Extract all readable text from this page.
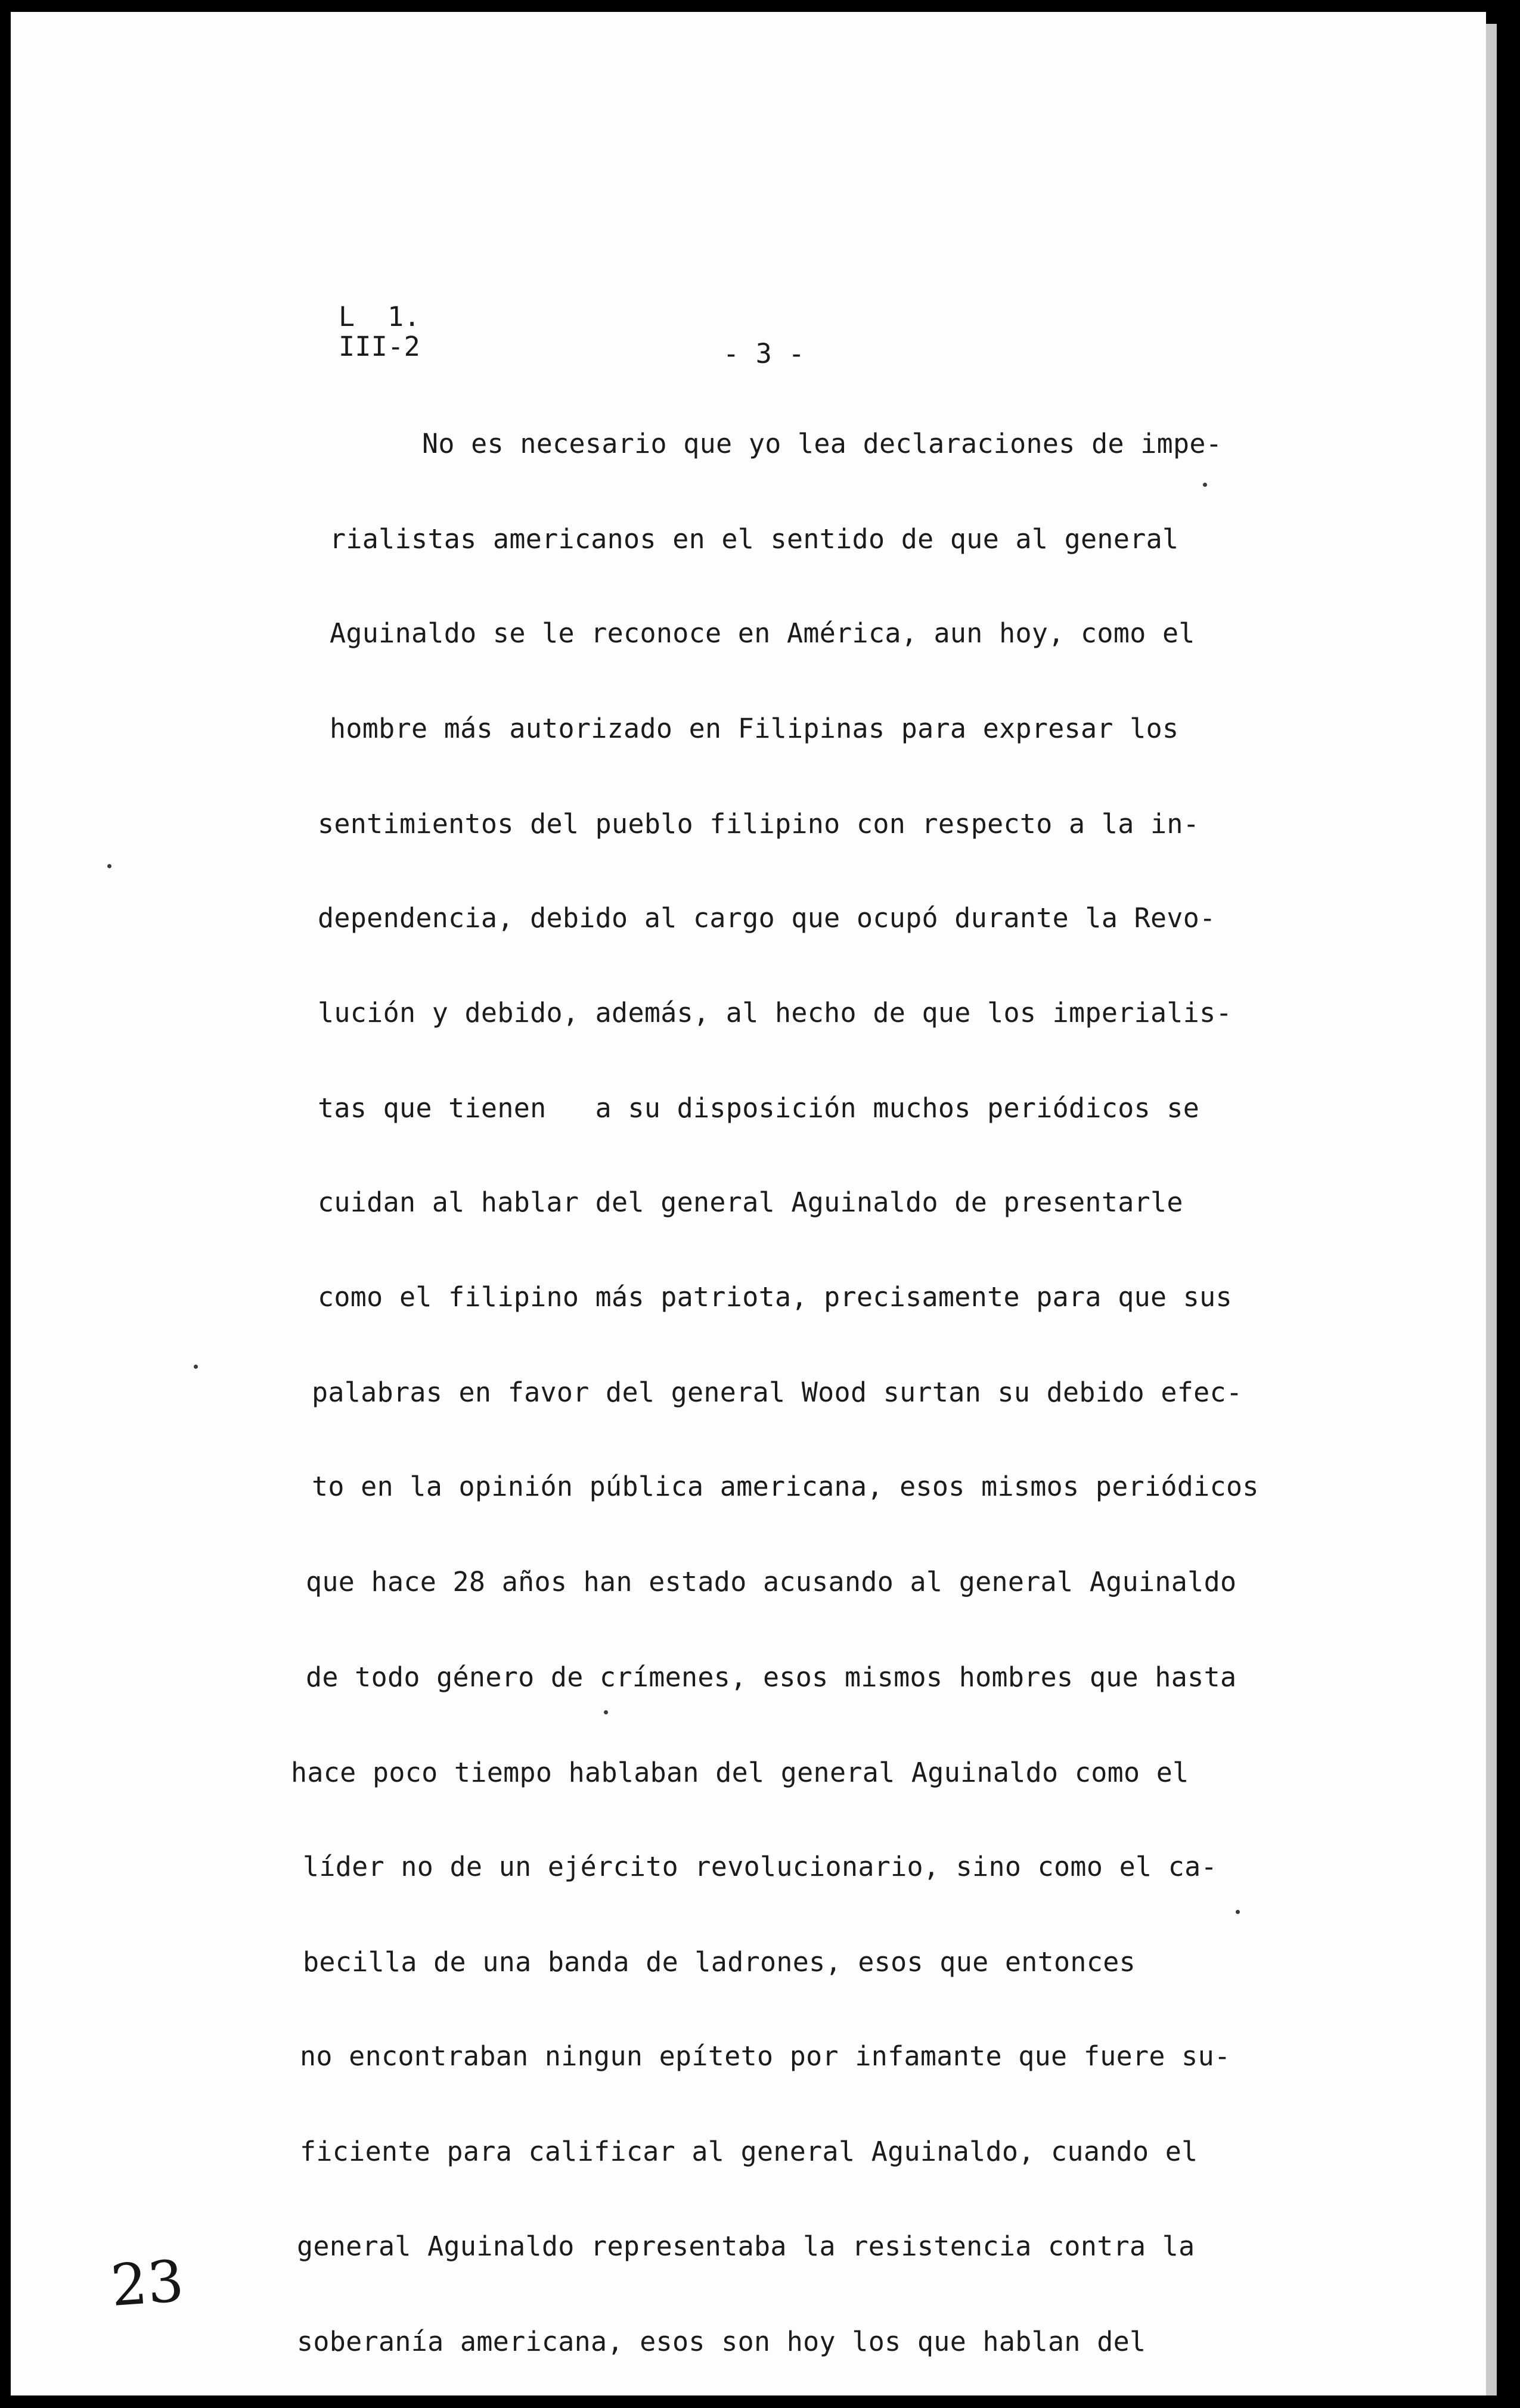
L  1.
III-2	- 3 -
No es necesario que yo lea declaraciones de impe-
rialistas americanos en el sentido de que al general
Aguinaldo se le reconoce en América, aun hoy, como el
hombre más autorizado en Filipinas para expresar los
sentimientos del pueblo filipino con respecto a la in-
dependencia, debido al cargo que ocupó durante la Revo-
lución y debido, además, al hecho de que los imperialis-
tas que tienen   a su disposición muchos periódicos se
cuidan al hablar del general Aguinaldo de presentarle
como el filipino más patriota, precisamente para que sus
palabras en favor del general Wood surtan su debido efec-
to en la opinión pública americana, esos mismos periódicos
que hace 28 años han estado acusando al general Aguinaldo
de todo género de crímenes, esos mismos hombres que hasta
hace poco tiempo hablaban del general Aguinaldo como el
líder no de un ejército revolucionario, sino como el ca-
becilla de una banda de ladrones, esos que entonces
no encontraban ningun epíteto por infamante que fuere su-
ficiente para calificar al general Aguinaldo, cuando el
general Aguinaldo representaba la resistencia contra la
soberanía americana, esos son hoy los que hablan del
23
